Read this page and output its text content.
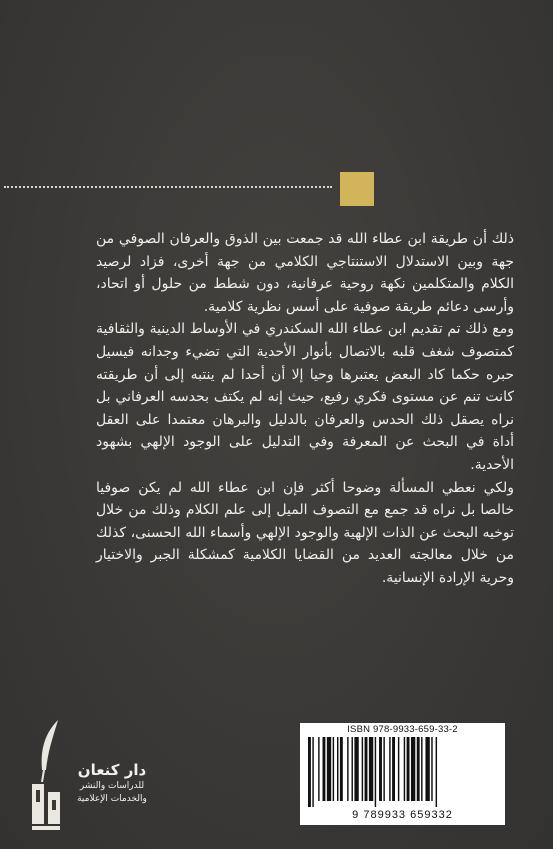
ذلك أن طريقة ابن عطاء الله قد جمعت بين الذوق والعرفان الصوفي من جهة وبين الاستدلال الاستنتاجي الكلامي من جهة أخرى، فزاد لرصيد الكلام والمتكلمين نكهة روحية عرفانية، دون شطط من حلول أو اتحاد، وأرسى دعائم طريقة صوفية على أسس نظرية كلامية.

ومع ذلك تم تقديم ابن عطاء الله السكندري في الأوساط الدينية والثقافية كمتصوف شغف قلبه بالاتصال بأنوار الأحدية التي تضيء وجدانه فيسيل حبره حكما كاد البعض يعتبرها وحيا إلا أن أحدا لم ينتبه إلى أن طريقته كانت تنم عن مستوى فكري رفيع، حيث إنه لم يكتف بحدسه العرفاني بل نراه يصقل ذلك الحدس والعرفان بالدليل والبرهان معتمدا على العقل أداة في البحث عن المعرفة وفي التدليل على الوجود الإلهي بشهود الأحدية.

ولكي نعطي المسألة وضوحا أكثر فإن ابن عطاء الله لم يكن صوفيا خالصا بل نراه قد جمع مع التصوف الميل إلى علم الكلام وذلك من خلال توخيه البحث عن الذات الإلهية والوجود الإلهي وأسماء الله الحسنى، كذلك من خلال معالجته العديد من القضايا الكلامية كمشكلة الجبر والاختيار وحرية الإرادة الإنسانية.

دار كنعان
للدراسات والنشر
والخدمات الإعلامية
ISBN 978-9933-659-33-2
9 789933 659332
